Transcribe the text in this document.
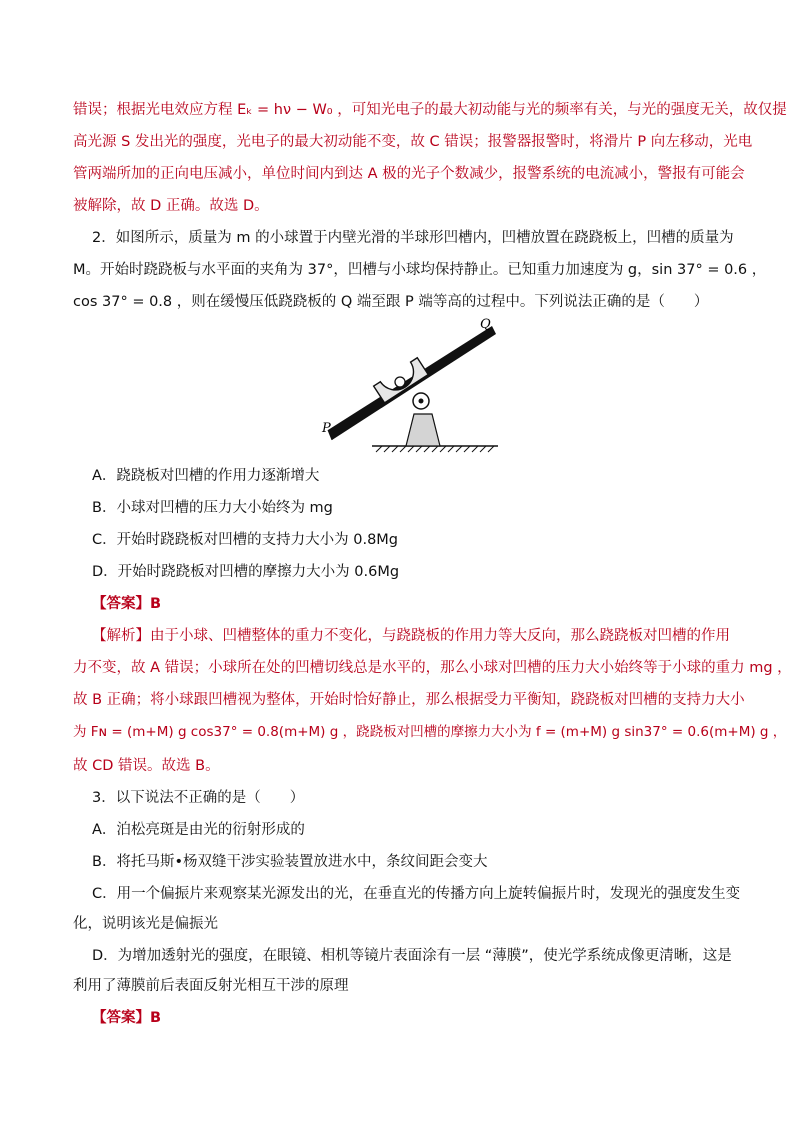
错误；根据光电效应方程 Eₖ = hν − W₀ ，可知光电子的最大初动能与光的频率有关，与光的强度无关，故仅提
高光源 S 发出光的强度，光电子的最大初动能不变，故 C 错误；报警器报警时，将滑片 P 向左移动，光电
管两端所加的正向电压减小，单位时间内到达 A 极的光子个数减少，报警系统的电流减小，警报有可能会
被解除，故 D 正确。故选 D。
2．如图所示，质量为 m 的小球置于内壁光滑的半球形凹槽内，凹槽放置在跷跷板上，凹槽的质量为
M。开始时跷跷板与水平面的夹角为 37°，凹槽与小球均保持静止。已知重力加速度为 g，sin 37° = 0.6 ，
cos 37° = 0.8 ，则在缓慢压低跷跷板的 Q 端至跟 P 端等高的过程中。下列说法正确的是（　　）
Q
P
A．跷跷板对凹槽的作用力逐渐增大
B．小球对凹槽的压力大小始终为 mg
C．开始时跷跷板对凹槽的支持力大小为 0.8Mg
D．开始时跷跷板对凹槽的摩擦力大小为 0.6Mg
【答案】B
【解析】由于小球、凹槽整体的重力不变化，与跷跷板的作用力等大反向，那么跷跷板对凹槽的作用
力不变，故 A 错误；小球所在处的凹槽切线总是水平的，那么小球对凹槽的压力大小始终等于小球的重力 mg ，
故 B 正确；将小球跟凹槽视为整体，开始时恰好静止，那么根据受力平衡知，跷跷板对凹槽的支持力大小
为 Fɴ = (m+M) g cos37° = 0.8(m+M) g ，跷跷板对凹槽的摩擦力大小为 f = (m+M) g sin37° = 0.6(m+M) g ，
故 CD 错误。故选 B。
3．以下说法不正确的是（　　）
A．泊松亮斑是由光的衍射形成的
B．将托马斯•杨双缝干涉实验装置放进水中，条纹间距会变大
C．用一个偏振片来观察某光源发出的光，在垂直光的传播方向上旋转偏振片时，发现光的强度发生变
化，说明该光是偏振光
D．为增加透射光的强度，在眼镜、相机等镜片表面涂有一层 “薄膜”，使光学系统成像更清晰，这是
利用了薄膜前后表面反射光相互干涉的原理
【答案】B
